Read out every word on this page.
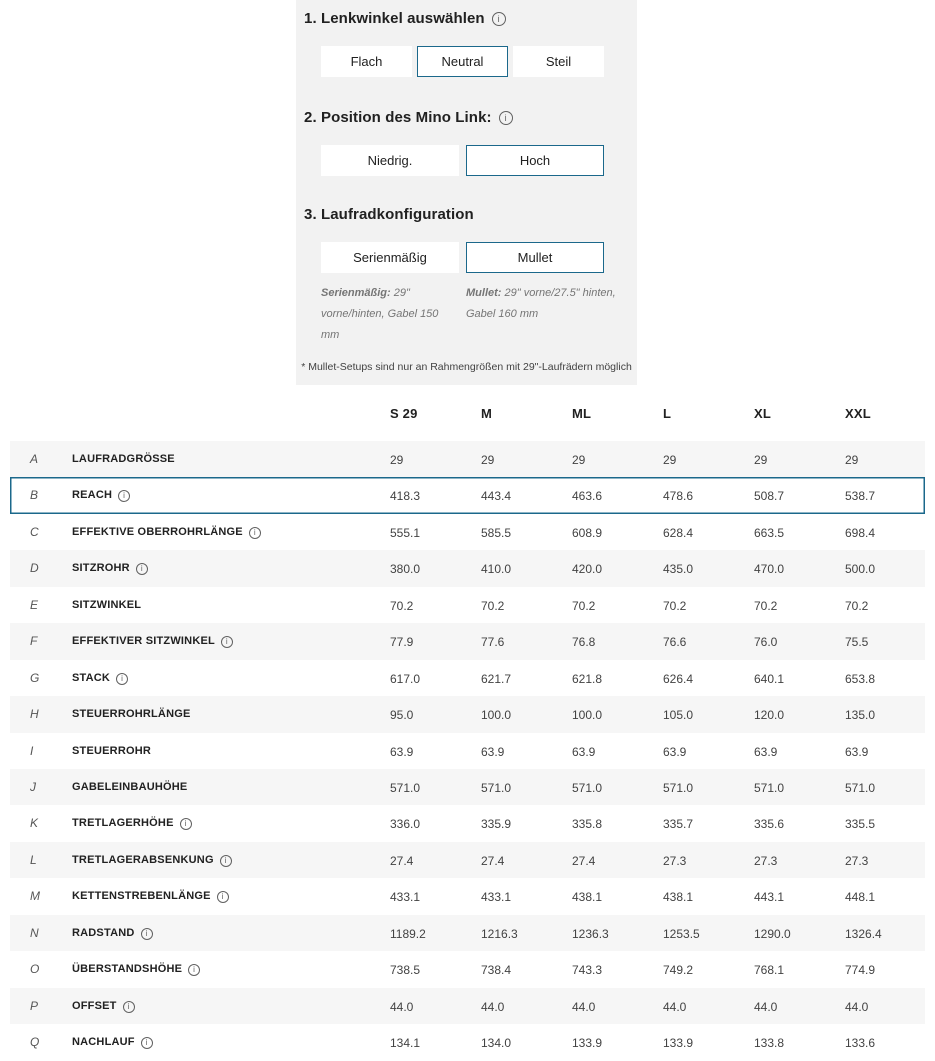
1. Lenkwinkel auswählen i
Flach	Neutral	Steil
2. Position des Mino Link: i
Niedrig.	Hoch
3. Laufradkonfiguration
Serienmäßig	Mullet
Serienmäßig: 29" vorne/hinten, Gabel 150 mm
Mullet: 29" vorne/27.5" hinten, Gabel 160 mm
* Mullet-Setups sind nur an Rahmengrößen mit 29"-Laufrädern möglich
S 29	M	ML	L	XL	XXL
A	LAUFRADGRÖSSE	29	29	29	29	29	29
B	REACH i	418.3	443.4	463.6	478.6	508.7	538.7
C	EFFEKTIVE OBERROHRLÄNGE i	555.1	585.5	608.9	628.4	663.5	698.4
D	SITZROHR i	380.0	410.0	420.0	435.0	470.0	500.0
E	SITZWINKEL	70.2	70.2	70.2	70.2	70.2	70.2
F	EFFEKTIVER SITZWINKEL i	77.9	77.6	76.8	76.6	76.0	75.5
G	STACK i	617.0	621.7	621.8	626.4	640.1	653.8
H	STEUERROHRLÄNGE	95.0	100.0	100.0	105.0	120.0	135.0
I	STEUERROHR	63.9	63.9	63.9	63.9	63.9	63.9
J	GABELEINBAUHÖHE	571.0	571.0	571.0	571.0	571.0	571.0
K	TRETLAGERHÖHE i	336.0	335.9	335.8	335.7	335.6	335.5
L	TRETLAGERABSENKUNG i	27.4	27.4	27.4	27.3	27.3	27.3
M	KETTENSTREBENLÄNGE i	433.1	433.1	438.1	438.1	443.1	448.1
N	RADSTAND i	1189.2	1216.3	1236.3	1253.5	1290.0	1326.4
O	ÜBERSTANDSHÖHE i	738.5	738.4	743.3	749.2	768.1	774.9
P	OFFSET i	44.0	44.0	44.0	44.0	44.0	44.0
Q	NACHLAUF i	134.1	134.0	133.9	133.9	133.8	133.6
